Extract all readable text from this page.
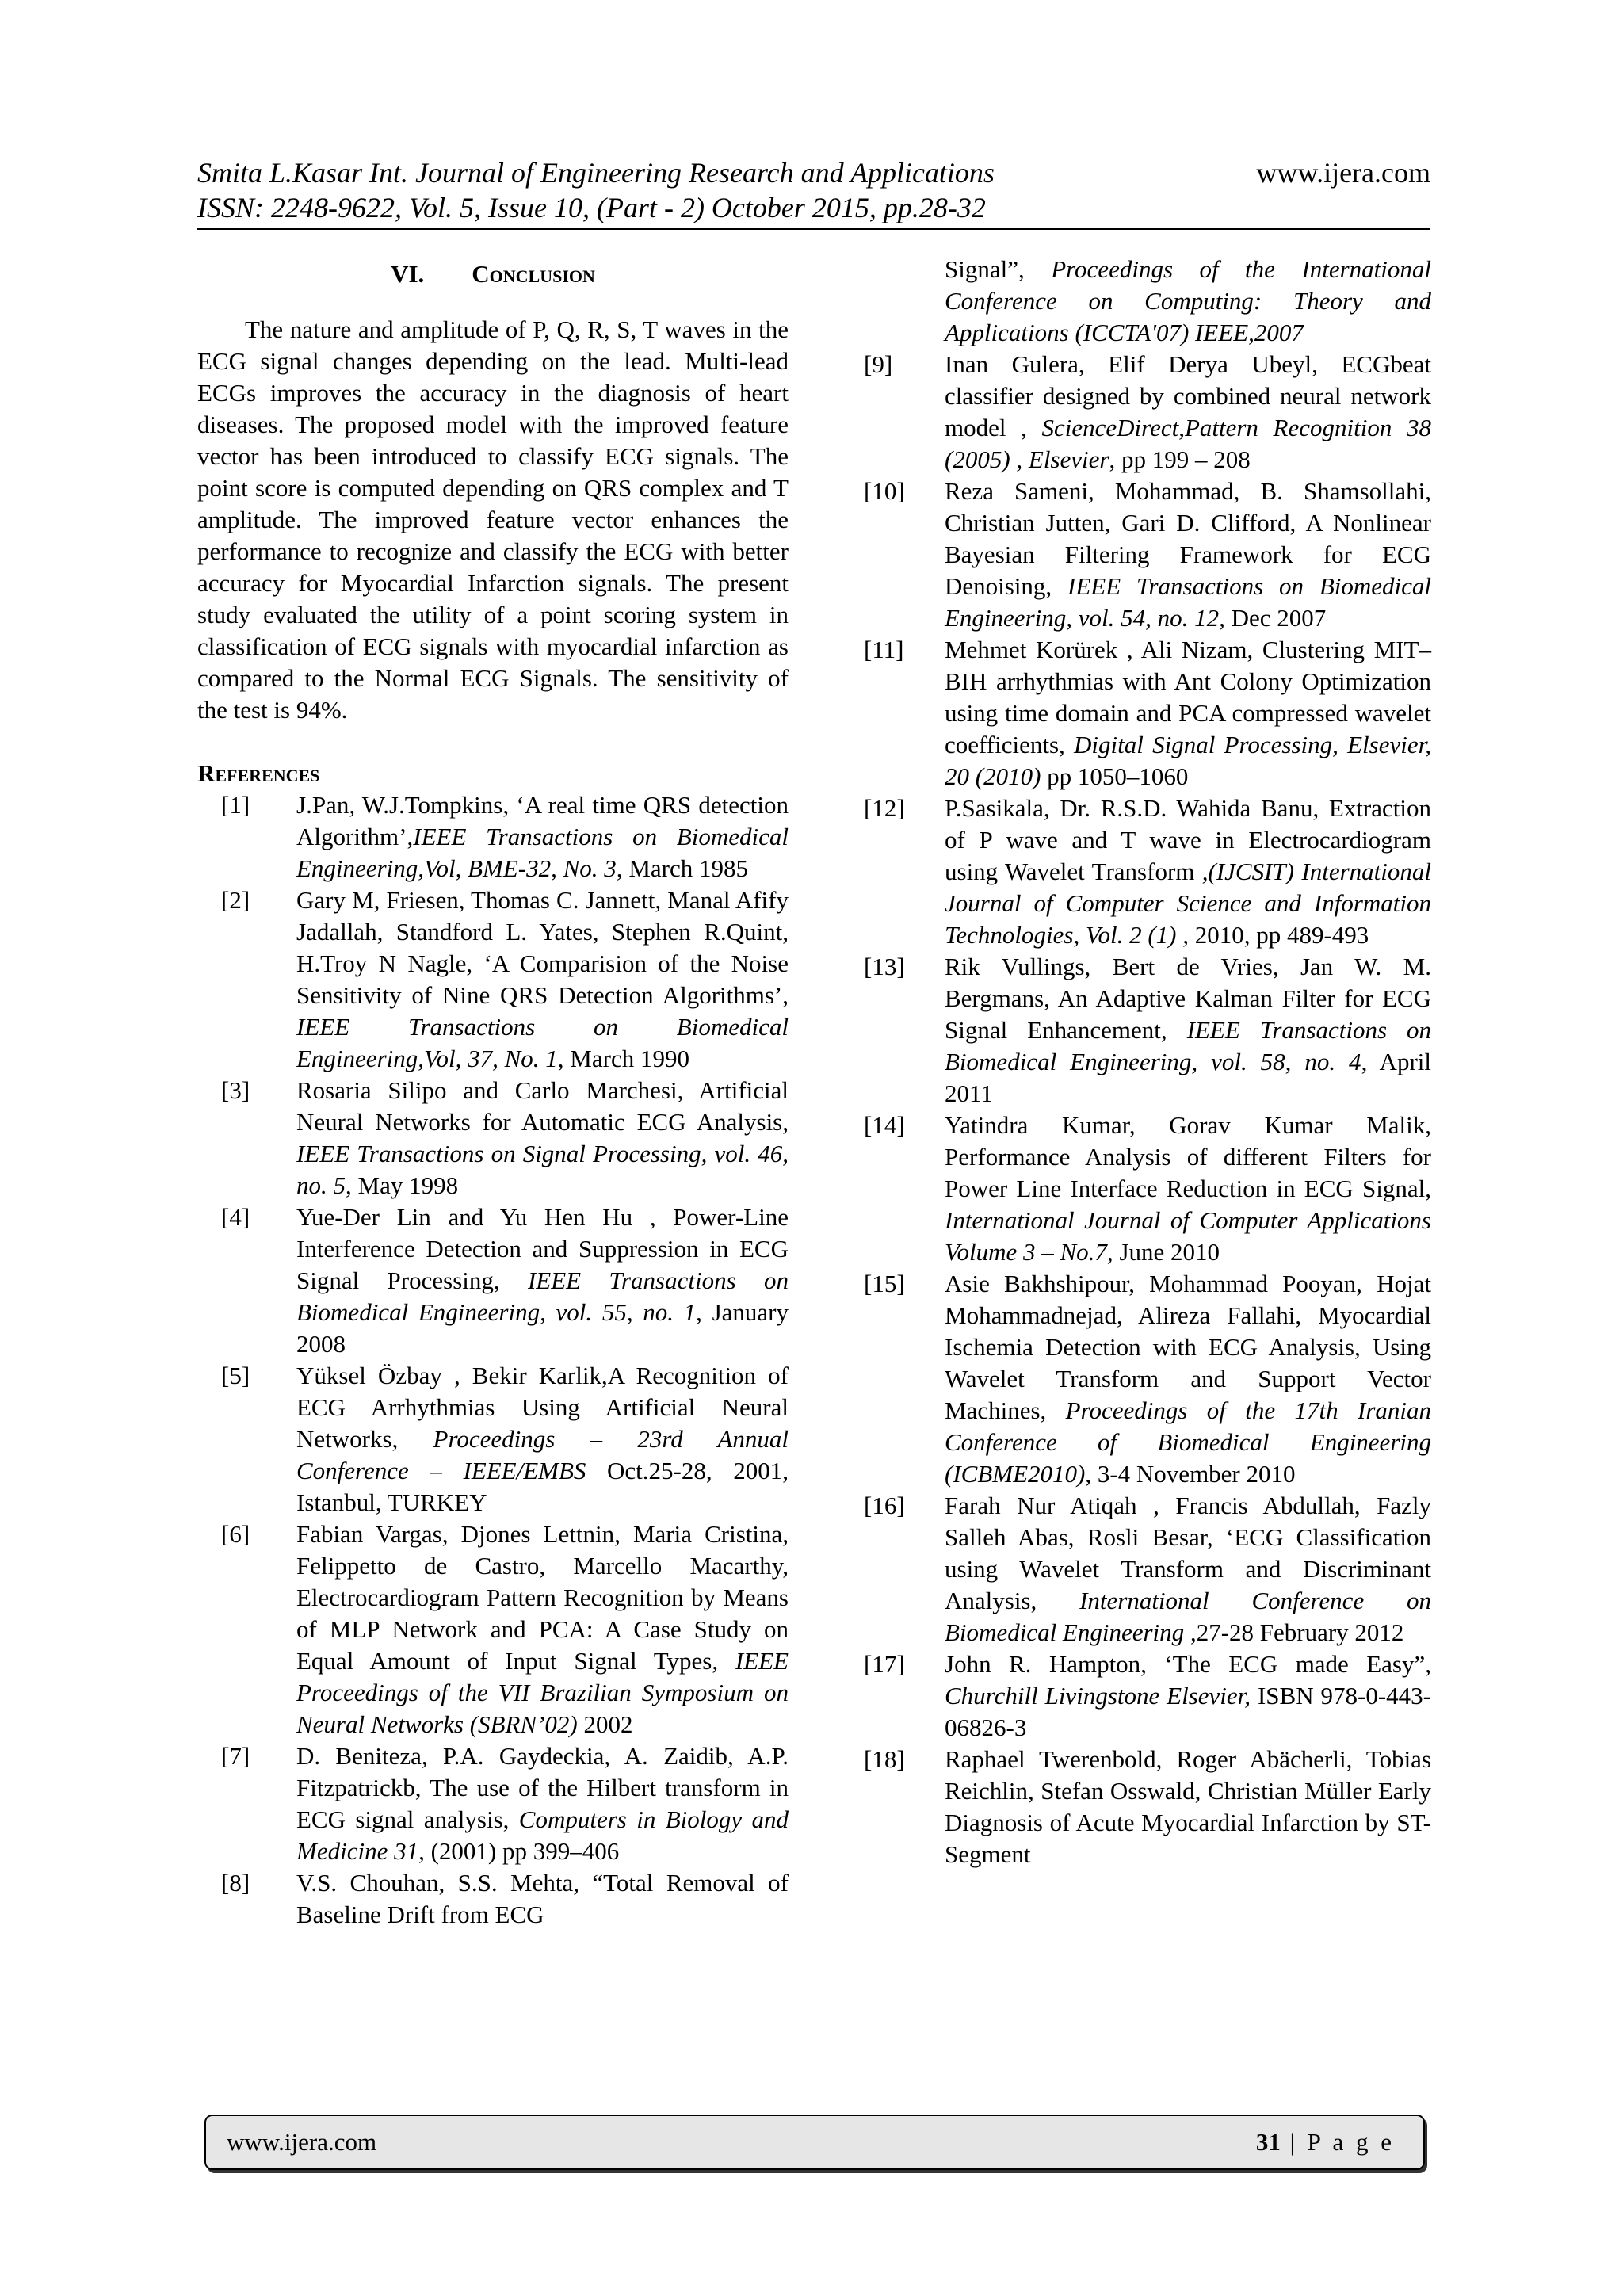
Smita L.Kasar Int. Journal of Engineering Research and Applications	www.ijera.com
ISSN: 2248-9622, Vol. 5, Issue 10, (Part - 2) October 2015, pp.28-32
VI. Conclusion

The nature and amplitude of P, Q, R, S, T waves in the ECG signal changes depending on the lead. Multi-lead ECGs improves the accuracy in the diagnosis of heart diseases. The proposed model with the improved feature vector has been introduced to classify ECG signals. The point score is computed depending on QRS complex and T amplitude. The improved feature vector enhances the performance to recognize and classify the ECG with better accuracy for Myocardial Infarction signals. The present study evaluated the utility of a point scoring system in classification of ECG signals with myocardial infarction as compared to the Normal ECG Signals. The sensitivity of the test is 94%.

References
[1]	J.Pan, W.J.Tompkins, ‘A real time QRS detection Algorithm’,IEEE Transactions on Biomedical Engineering,Vol, BME-32, No. 3, March 1985
[2]	Gary M, Friesen, Thomas C. Jannett, Manal Afify Jadallah, Standford L. Yates, Stephen R.Quint, H.Troy N Nagle, ‘A Comparision of the Noise Sensitivity of Nine QRS Detection Algorithms’, IEEE Transactions on Biomedical Engineering,Vol, 37, No. 1, March 1990
[3]	Rosaria Silipo and Carlo Marchesi, Artificial Neural Networks for Automatic ECG Analysis, IEEE Transactions on Signal Processing, vol. 46, no. 5, May 1998
[4]	Yue-Der Lin and Yu Hen Hu , Power-Line Interference Detection and Suppression in ECG Signal Processing, IEEE Transactions on Biomedical Engineering, vol. 55, no. 1, January 2008
[5]	Yüksel Özbay , Bekir Karlik,A Recognition of ECG Arrhythmias Using Artificial Neural Networks, Proceedings – 23rd Annual Conference – IEEE/EMBS Oct.25-28, 2001, Istanbul, TURKEY
[6]	Fabian Vargas, Djones Lettnin, Maria Cristina, Felippetto de Castro, Marcello Macarthy, Electrocardiogram Pattern Recognition by Means of MLP Network and PCA: A Case Study on Equal Amount of Input Signal Types, IEEE Proceedings of the VII Brazilian Symposium on Neural Networks (SBRN’02) 2002
[7]	D. Beniteza, P.A. Gaydeckia, A. Zaidib, A.P. Fitzpatrickb, The use of the Hilbert transform in ECG signal analysis, Computers in Biology and Medicine 31, (2001) pp 399–406
[8]	V.S. Chouhan, S.S. Mehta, “Total Removal of Baseline Drift from ECG
Signal”, Proceedings of the International Conference on Computing: Theory and Applications (ICCTA'07) IEEE,2007
[9]	Inan Gulera, Elif Derya Ubeyl, ECGbeat classifier designed by combined neural network model , ScienceDirect,Pattern Recognition 38 (2005) , Elsevier, pp 199 – 208
[10]	Reza Sameni, Mohammad, B. Shamsollahi, Christian Jutten, Gari D. Clifford, A Nonlinear Bayesian Filtering Framework for ECG Denoising, IEEE Transactions on Biomedical Engineering, vol. 54, no. 12, Dec 2007
[11]	Mehmet Korürek , Ali Nizam, Clustering MIT–BIH arrhythmias with Ant Colony Optimization using time domain and PCA compressed wavelet coefficients, Digital Signal Processing, Elsevier, 20 (2010) pp 1050–1060
[12]	P.Sasikala, Dr. R.S.D. Wahida Banu, Extraction of P wave and T wave in Electrocardiogram using Wavelet Transform ,(IJCSIT) International Journal of Computer Science and Information Technologies, Vol. 2 (1) , 2010, pp 489-493
[13]	Rik Vullings, Bert de Vries, Jan W. M. Bergmans, An Adaptive Kalman Filter for ECG Signal Enhancement, IEEE Transactions on Biomedical Engineering, vol. 58, no. 4, April 2011
[14]	Yatindra Kumar, Gorav Kumar Malik, Performance Analysis of different Filters for Power Line Interface Reduction in ECG Signal, International Journal of Computer Applications Volume 3 – No.7, June 2010
[15]	Asie Bakhshipour, Mohammad Pooyan, Hojat Mohammadnejad, Alireza Fallahi, Myocardial Ischemia Detection with ECG Analysis, Using Wavelet Transform and Support Vector Machines, Proceedings of the 17th Iranian Conference of Biomedical Engineering (ICBME2010), 3-4 November 2010
[16]	Farah Nur Atiqah , Francis Abdullah, Fazly Salleh Abas, Rosli Besar, ‘ECG Classification using Wavelet Transform and Discriminant Analysis, International Conference on Biomedical Engineering ,27-28 February 2012
[17]	John R. Hampton, ‘The ECG made Easy”, Churchill Livingstone Elsevier, ISBN 978-0-443-06826-3
[18]	Raphael Twerenbold, Roger Abächerli, Tobias Reichlin, Stefan Osswald, Christian Müller Early Diagnosis of Acute Myocardial Infarction by ST-Segment
www.ijera.com	31 | P a g e
